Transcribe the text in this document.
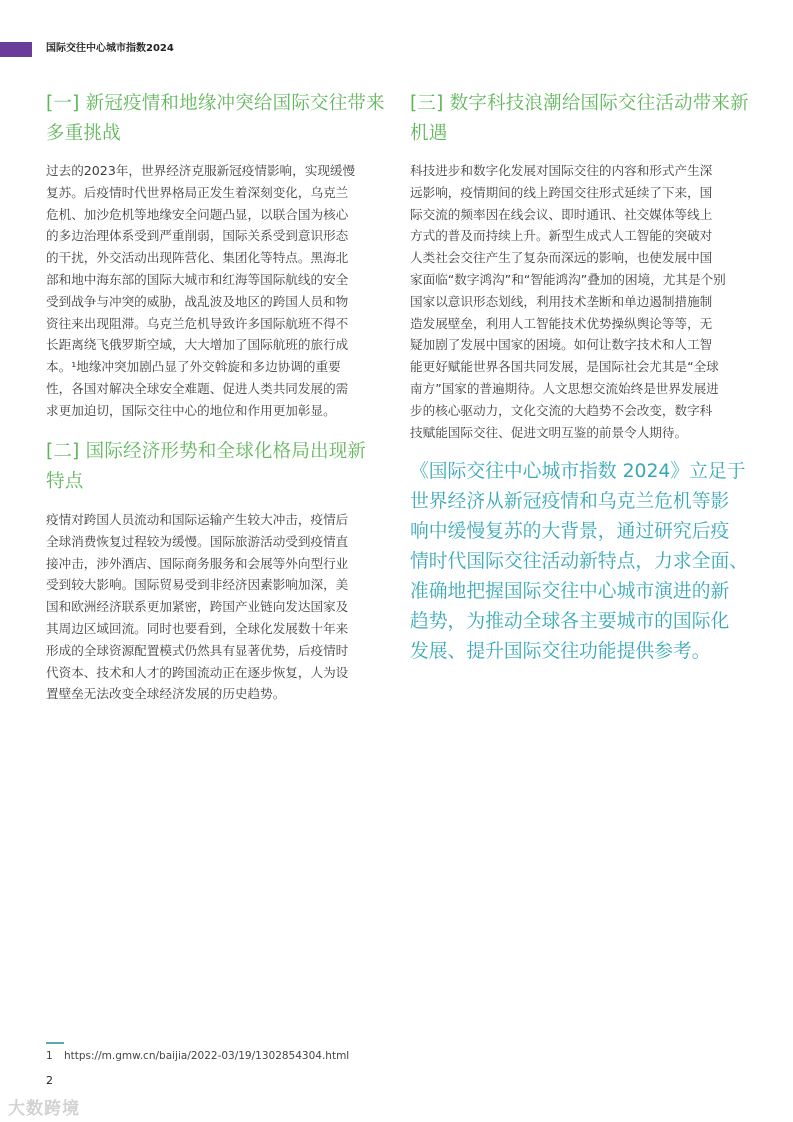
国际交往中心城市指数2024
[一] 新冠疫情和地缘冲突给国际交往带来
多重挑战
过去的2023年，世界经济克服新冠疫情影响，实现缓慢
复苏。后疫情时代世界格局正发生着深刻变化，乌克兰
危机、加沙危机等地缘安全问题凸显，以联合国为核心
的多边治理体系受到严重削弱，国际关系受到意识形态
的干扰，外交活动出现阵营化、集团化等特点。黑海北
部和地中海东部的国际大城市和红海等国际航线的安全
受到战争与冲突的威胁，战乱波及地区的跨国人员和物
资往来出现阻滞。乌克兰危机导致许多国际航班不得不
长距离绕飞俄罗斯空域，大大增加了国际航班的旅行成
本。¹地缘冲突加剧凸显了外交斡旋和多边协调的重要
性，各国对解决全球安全难题、促进人类共同发展的需
求更加迫切，国际交往中心的地位和作用更加彰显。
[二] 国际经济形势和全球化格局出现新
特点
疫情对跨国人员流动和国际运输产生较大冲击，疫情后
全球消费恢复过程较为缓慢。国际旅游活动受到疫情直
接冲击，涉外酒店、国际商务服务和会展等外向型行业
受到较大影响。国际贸易受到非经济因素影响加深，美
国和欧洲经济联系更加紧密，跨国产业链向发达国家及
其周边区域回流。同时也要看到，全球化发展数十年来
形成的全球资源配置模式仍然具有显著优势，后疫情时
代资本、技术和人才的跨国流动正在逐步恢复，人为设
置壁垒无法改变全球经济发展的历史趋势。
[三] 数字科技浪潮给国际交往活动带来新
机遇
科技进步和数字化发展对国际交往的内容和形式产生深
远影响，疫情期间的线上跨国交往形式延续了下来，国
际交流的频率因在线会议、即时通讯、社交媒体等线上
方式的普及而持续上升。新型生成式人工智能的突破对
人类社会交往产生了复杂而深远的影响，也使发展中国
家面临“数字鸿沟”和“智能鸿沟”叠加的困境，尤其是个别
国家以意识形态划线，利用技术垄断和单边遏制措施制
造发展壁垒，利用人工智能技术优势操纵舆论等等，无
疑加剧了发展中国家的困境。如何让数字技术和人工智
能更好赋能世界各国共同发展，是国际社会尤其是“全球
南方”国家的普遍期待。人文思想交流始终是世界发展进
步的核心驱动力，文化交流的大趋势不会改变，数字科
技赋能国际交往、促进文明互鉴的前景令人期待。
《国际交往中心城市指数 2024》立足于
世界经济从新冠疫情和乌克兰危机等影
响中缓慢复苏的大背景，通过研究后疫
情时代国际交往活动新特点，力求全面、
准确地把握国际交往中心城市演进的新
趋势，为推动全球各主要城市的国际化
发展、提升国际交往功能提供参考。
1 https://m.gmw.cn/baijia/2022-03/19/1302854304.html
2
大数跨境
